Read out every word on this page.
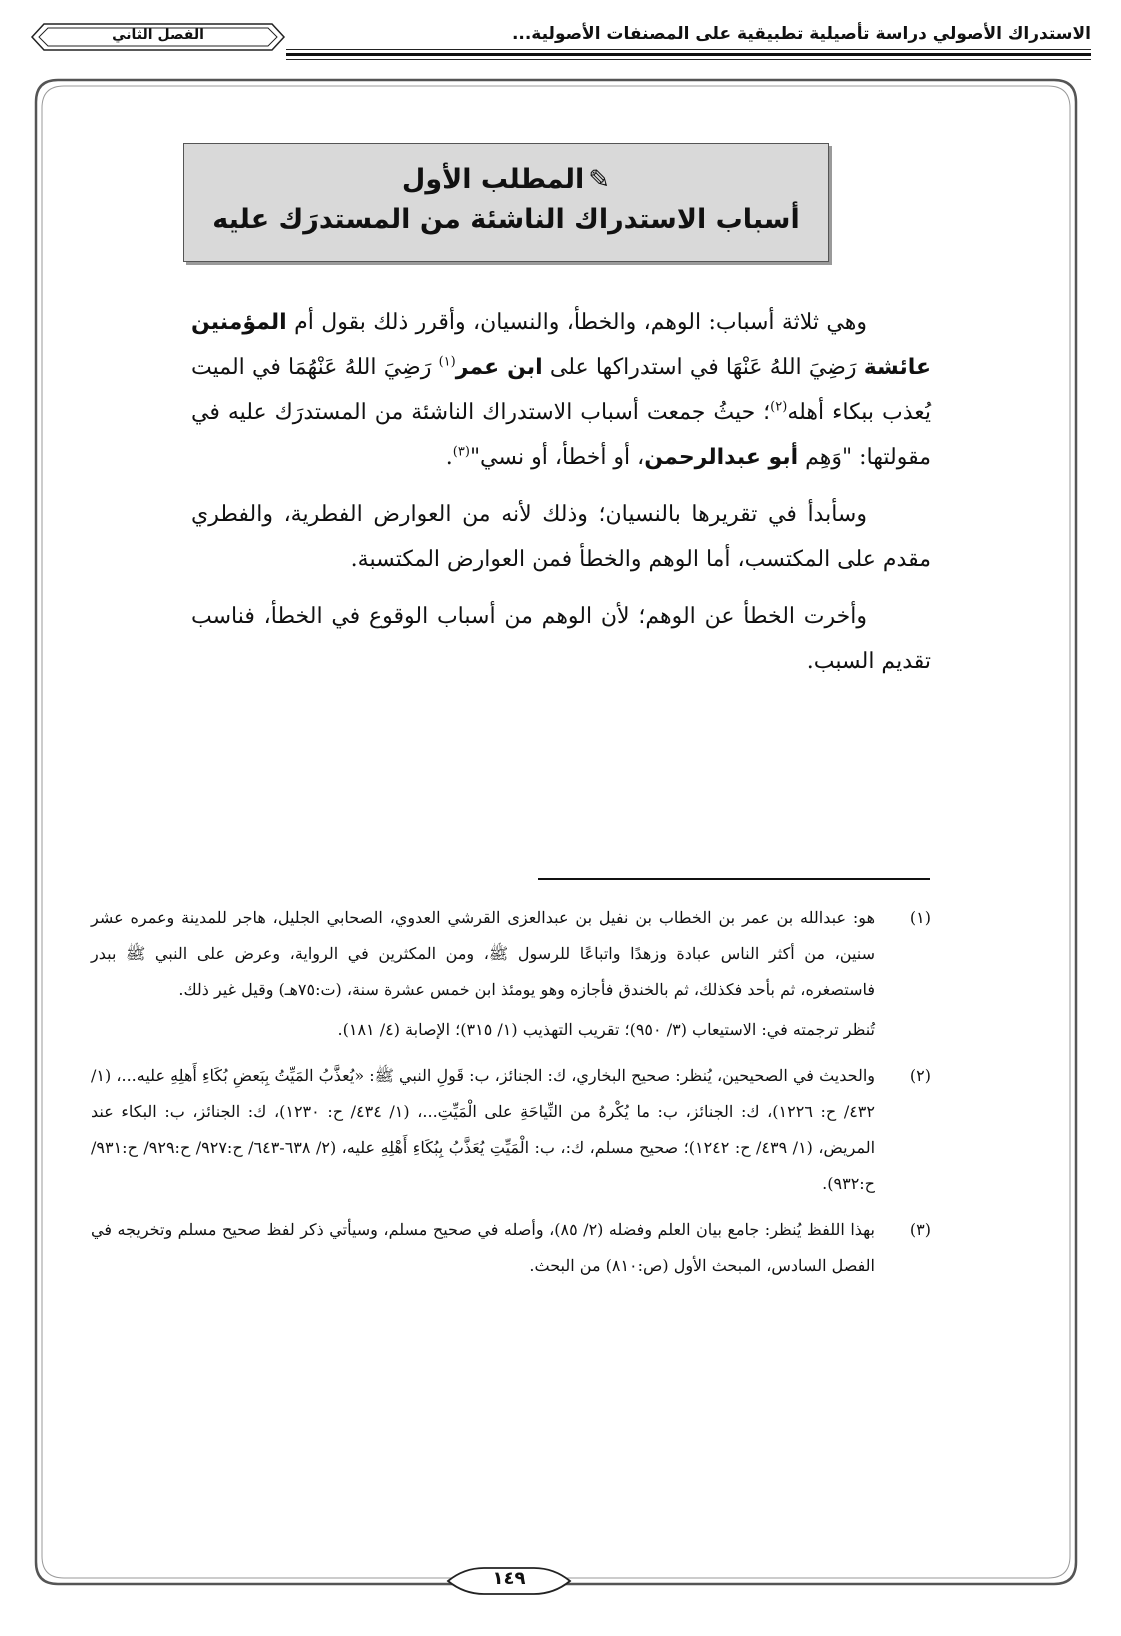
الاستدراك الأصولي دراسة تأصيلية تطبيقية على المصنفات الأصولية...
الفصل الثاني
✎المطلب الأول
أسباب الاستدراك الناشئة من المستدرَك عليه

وهي ثلاثة أسباب: الوهم، والخطأ، والنسيان، وأقرر ذلك بقول أم المؤمنين عائشة رَضِيَ اللهُ عَنْهَا في استدراكها على ابن عمر$^{(١)}$ رَضِيَ اللهُ عَنْهُمَا في الميت يُعذب ببكاء أهله$^{(٢)}$؛ حيثُ جمعت أسباب الاستدراك الناشئة من المستدرَك عليه في مقولتها: "وَهِم أبو عبدالرحمن، أو أخطأ، أو نسي"$^{(٣)}$.

وسأبدأ في تقريرها بالنسيان؛ وذلك لأنه من العوارض الفطرية، والفطري مقدم على المكتسب، أما الوهم والخطأ فمن العوارض المكتسبة.

وأخرت الخطأ عن الوهم؛ لأن الوهم من أسباب الوقوع في الخطأ، فناسب تقديم السبب.

(١)
هو: عبدالله بن عمر بن الخطاب بن نفيل بن عبدالعزى القرشي العدوي، الصحابي الجليل، هاجر للمدينة وعمره عشر سنين، من أكثر الناس عبادة وزهدًا واتباعًا للرسول ﷺ، ومن المكثرين في الرواية، وعرض على النبي ﷺ ببدر فاستصغره، ثم بأحد فكذلك، ثم بالخندق فأجازه وهو يومئذ ابن خمس عشرة سنة، (ت:٧٥هـ) وقيل غير ذلك.
تُنظر ترجمته في: الاستيعاب (٣/ ٩٥٠)؛ تقريب التهذيب (١/ ٣١٥)؛ الإصابة (٤/ ١٨١).
(٢)
والحديث في الصحيحين، يُنظر: صحيح البخاري، ك: الجنائز، ب: قَولِ النبي ﷺ: «يُعذَّبُ المَيِّتُ بِبَعضِ بُكَاءِ أَهلِهِ عليه...، (١/ ٤٣٢/ ح: ١٢٢٦)، ك: الجنائز، ب: ما يُكْرهُ من النِّياحَةِ على الْمَيِّتِ...، (١/ ٤٣٤/ ح: ١٢٣٠)، ك: الجنائز، ب: البكاء عند المريض، (١/ ٤٣٩/ ح: ١٢٤٢)؛ صحيح مسلم، ك:، ب: الْمَيِّتِ يُعَذَّبُ بِبُكَاءِ أَهْلِهِ عليه، (٢/ ٦٣٨-٦٤٣/ ح:٩٢٧/ ح:٩٢٩/ ح:٩٣١/ ح:٩٣٢).
(٣)
بهذا اللفظ يُنظر: جامع بيان العلم وفضله (٢/ ٨٥)، وأصله في صحيح مسلم، وسيأتي ذكر لفظ صحيح مسلم وتخريجه في الفصل السادس، المبحث الأول (ص:٨١٠) من البحث.
١٤٩
